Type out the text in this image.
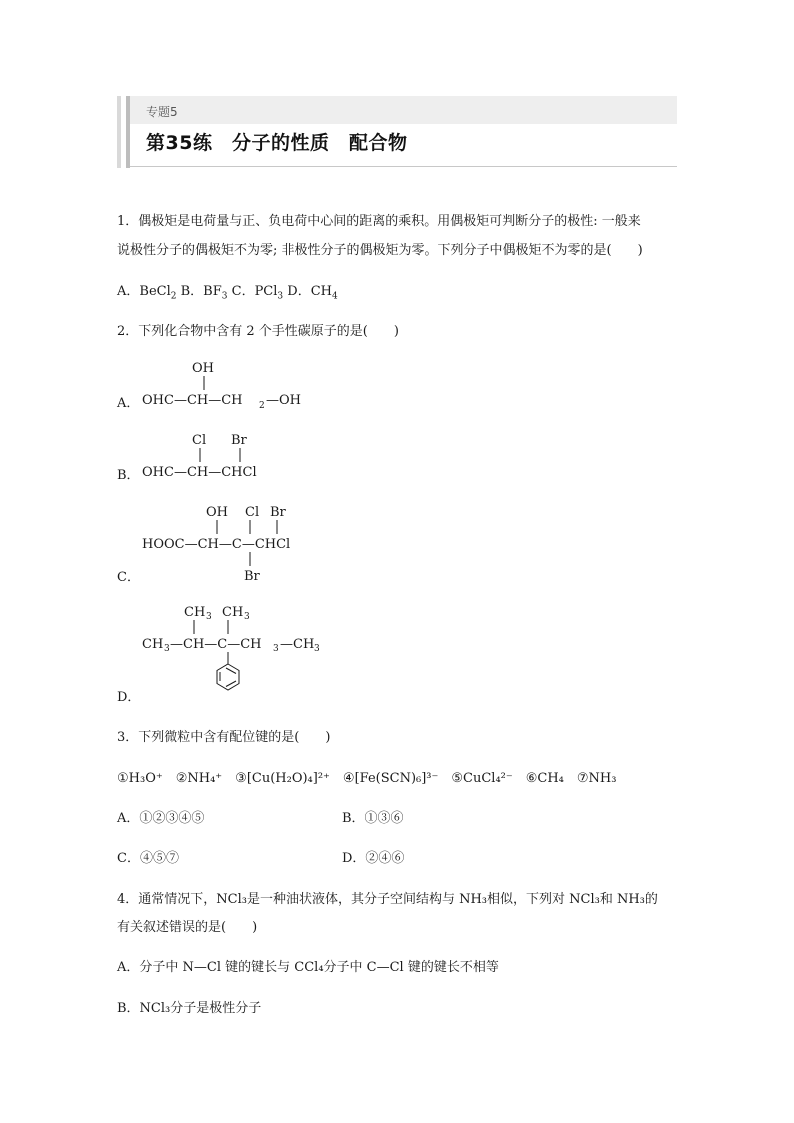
专题5
第35练　分子的性质　配合物
1．偶极矩是电荷量与正、负电荷中心间的距离的乘积。用偶极矩可判断分子的极性: 一般来
说极性分子的偶极矩不为零; 非极性分子的偶极矩为零。下列分子中偶极矩不为零的是(　　)
A．BeCl$_2$ B．$BF_3$ C．PCl$_3$ D．$CH_4$
2．下列化合物中含有 2 个手性碳原子的是(　　)
A．
OH
OHC—CH—CH 2 —OH
B．
Cl Br
OHC—CH—CHCl
OH Cl Br
HOOC—CH—C—CHCl
Br
C．
CH 3 CH 3
CH 3 —CH—C—CH 3 —CH 3
D．
3．下列微粒中含有配位键的是(　　)
①H₃O⁺　②NH₄⁺　③[Cu(H₂O)₄]²⁺　④[Fe(SCN)₆]³⁻　⑤CuCl₄²⁻　⑥CH₄　⑦NH₃
A．①②③④⑤	B．①③⑥
C．④⑤⑦	D．②④⑥
4．通常情况下，NCl₃是一种油状液体，其分子空间结构与 NH₃相似，下列对 NCl₃和 NH₃的
有关叙述错误的是(　　)
A．分子中 N—Cl 键的键长与 CCl₄分子中 C—Cl 键的键长不相等
B．NCl₃分子是极性分子
